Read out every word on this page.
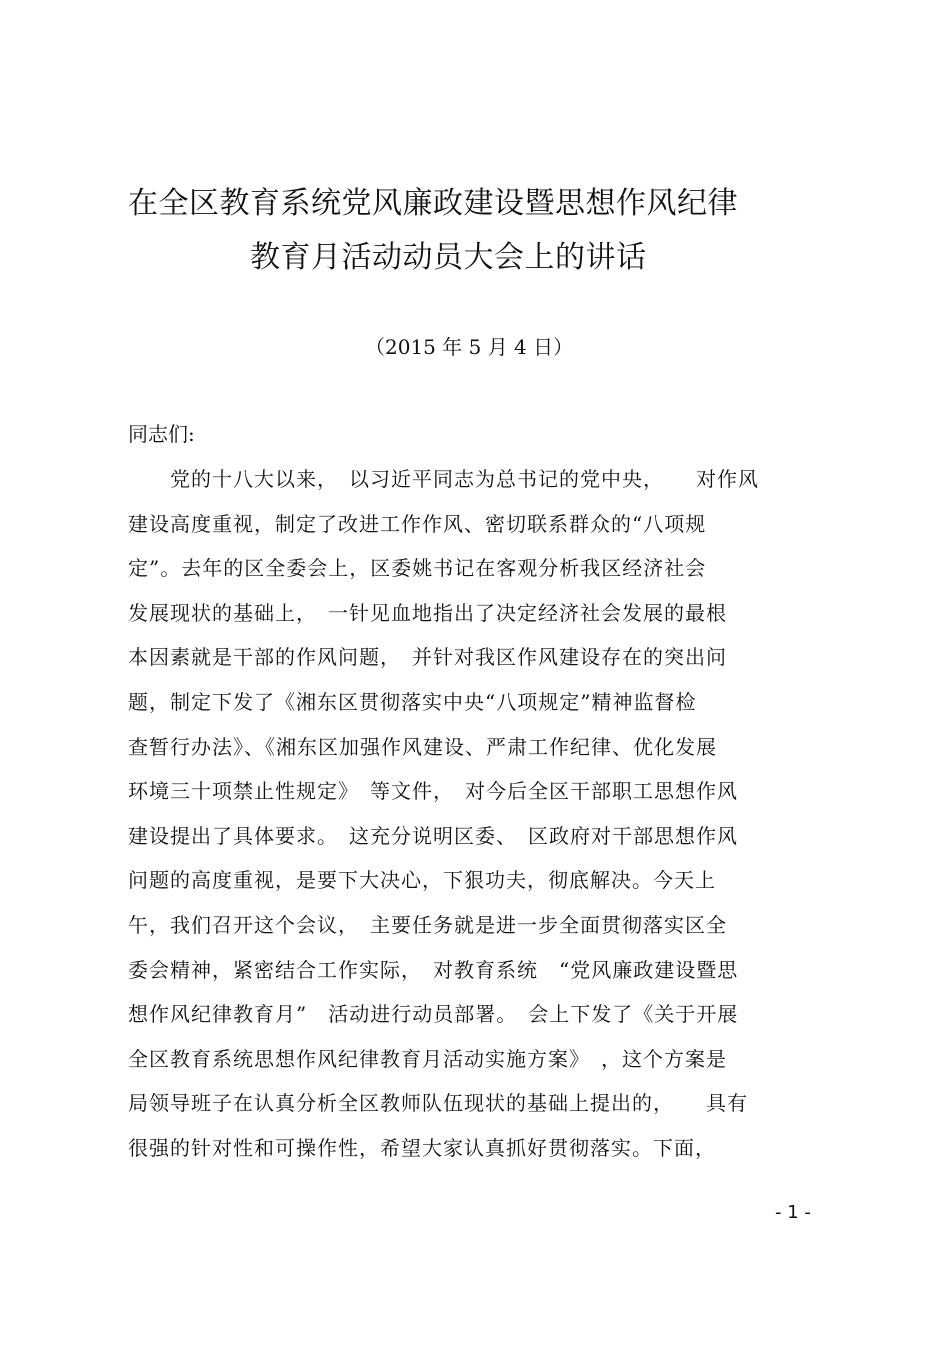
在全区教育系统党风廉政建设暨思想作风纪律
教育月活动动员大会上的讲话
（2015 年 5 月 4 日）
同志们:
　　党的十八大以来，　以习近平同志为总书记的党中央，　　对作风
建设高度重视，制定了改进工作作风、密切联系群众的“八项规
定”。去年的区全委会上，区委姚书记在客观分析我区经济社会
发展现状的基础上，　一针见血地指出了决定经济社会发展的最根
本因素就是干部的作风问题，　并针对我区作风建设存在的突出问
题，制定下发了《湘东区贯彻落实中央“八项规定”精神监督检
查暂行办法》、《湘东区加强作风建设、严肃工作纪律、优化发展
环境三十项禁止性规定》　等文件，　对今后全区干部职工思想作风
建设提出了具体要求。　这充分说明区委、　区政府对干部思想作风
问题的高度重视，是要下大决心，下狠功夫，彻底解决。今天上
午，我们召开这个会议，　主要任务就是进一步全面贯彻落实区全
委会精神，紧密结合工作实际，　对教育系统　“党风廉政建设暨思
想作风纪律教育月”　活动进行动员部署。　会上下发了《关于开展
全区教育系统思想作风纪律教育月活动实施方案》　，这个方案是
局领导班子在认真分析全区教师队伍现状的基础上提出的，　　具有
很强的针对性和可操作性，希望大家认真抓好贯彻落实。下面，
- 1 -
